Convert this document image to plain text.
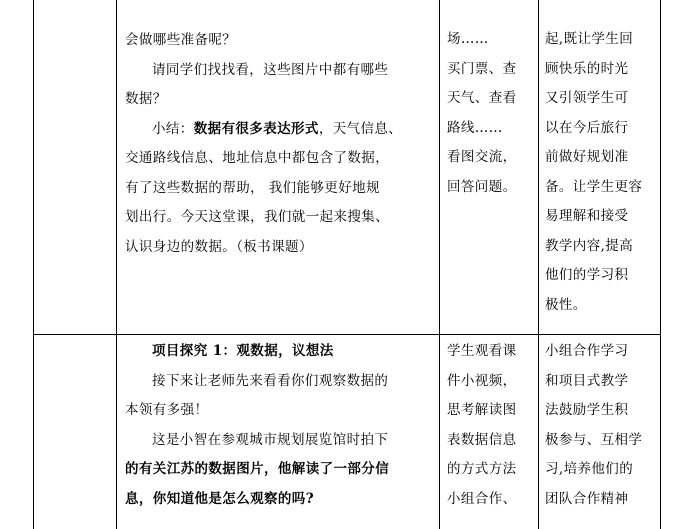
会做哪些准备呢？

请同学们找找看，这些图片中都有哪些

数据？

小结：数据有很多表达形式，天气信息、

交通路线信息、地址信息中都包含了数据，

有了这些数据的帮助， 我们能够更好地规

划出行。今天这堂课，我们就一起来搜集、

认识身边的数据。（板书课题）

场……

买门票、查

天气、查看

路线……

看图交流，

回答问题。

起,既让学生回

顾快乐的时光

又引领学生可

以在今后旅行

前做好规划准

备。让学生更容

易理解和接受

教学内容,提高

他们的学习积

极性。

项目探究 1：观数据，议想法

接下来让老师先来看看你们观察数据的

本领有多强！

这是小智在参观城市规划展览馆时拍下

的有关江苏的数据图片，他解读了一部分信

息，你知道他是怎么观察的吗?

学生观看课

件小视频，

思考解读图

表数据信息

的方式方法

小组合作、

小组合作学习

和项目式教学

法鼓励学生积

极参与、互相学

习,培养他们的

团队合作精神
